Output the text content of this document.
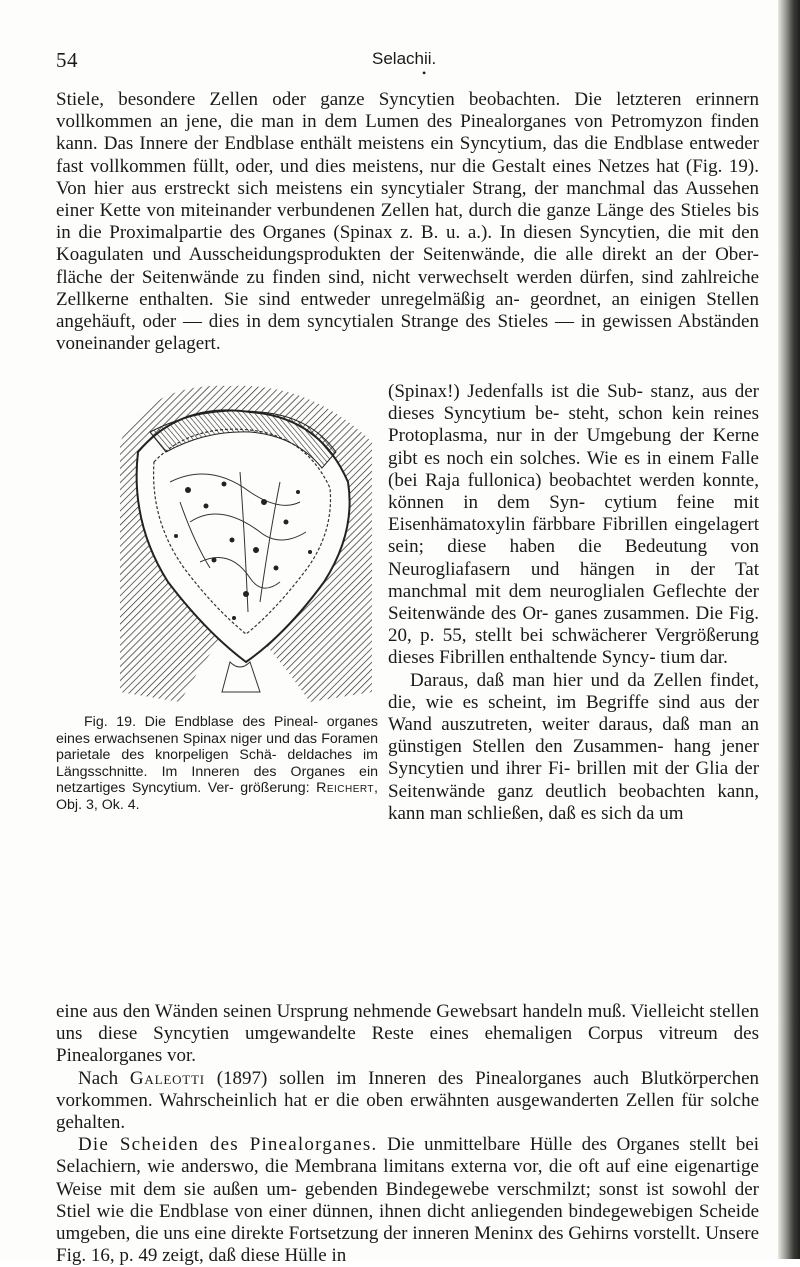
54	Selachii.
•

Stiele, besondere Zellen oder ganze Syncytien beobachten. Die letzteren erinnern vollkommen an jene, die man in dem Lumen des Pinealorganes von Petromyzon finden kann. Das Innere der Endblase enthält meistens ein Syncytium, das die Endblase entweder fast vollkommen füllt, oder, und dies meistens, nur die Gestalt eines Netzes hat (Fig. 19). Von hier aus erstreckt sich meistens ein syncytialer Strang, der manchmal das Aussehen einer Kette von miteinander verbundenen Zellen hat, durch die ganze Länge des Stieles bis in die Proximalpartie des Organes (Spinax z. B. u. a.). In diesen Syncytien, die mit den Koagulaten und Ausscheidungsprodukten der Seitenwände, die alle direkt an der Ober- fläche der Seitenwände zu finden sind, nicht verwechselt werden dürfen, sind zahlreiche Zellkerne enthalten. Sie sind entweder unregelmäßig an- geordnet, an einigen Stellen angehäuft, oder — dies in dem syncytialen Strange des Stieles — in gewissen Abständen voneinander gelagert.

Fig. 19. Die Endblase des Pineal- organes eines erwachsenen Spinax niger und das Foramen parietale des knorpeligen Schä- deldaches im Längsschnitte. Im Inneren des Organes ein netzartiges Syncytium. Ver- größerung: Reichert, Obj. 3, Ok. 4.

(Spinax!) Jedenfalls ist die Sub- stanz, aus der dieses Syncytium be- steht, schon kein reines Protoplasma, nur in der Umgebung der Kerne gibt es noch ein solches. Wie es in einem Falle (bei Raja fullonica) beobachtet werden konnte, können in dem Syn- cytium feine mit Eisenhämatoxylin färbbare Fibrillen eingelagert sein; diese haben die Bedeutung von Neurogliafasern und hängen in der Tat manchmal mit dem neuroglialen Geflechte der Seitenwände des Or- ganes zusammen. Die Fig. 20, p. 55, stellt bei schwächerer Vergrößerung dieses Fibrillen enthaltende Syncy- tium dar.

Daraus, daß man hier und da Zellen findet, die, wie es scheint, im Begriffe sind aus der Wand auszutreten, weiter daraus, daß man an günstigen Stellen den Zusammen- hang jener Syncytien und ihrer Fi- brillen mit der Glia der Seitenwände ganz deutlich beobachten kann, kann man schließen, daß es sich da um

eine aus den Wänden seinen Ursprung nehmende Gewebsart handeln muß. Vielleicht stellen uns diese Syncytien umgewandelte Reste eines ehemaligen Corpus vitreum des Pinealorganes vor.

Nach Galeotti (1897) sollen im Inneren des Pinealorganes auch Blutkörperchen vorkommen. Wahrscheinlich hat er die oben erwähnten ausgewanderten Zellen für solche gehalten.

Die Scheiden des Pinealorganes. Die unmittelbare Hülle des Organes stellt bei Selachiern, wie anderswo, die Membrana limitans externa vor, die oft auf eine eigenartige Weise mit dem sie außen um- gebenden Bindegewebe verschmilzt; sonst ist sowohl der Stiel wie die Endblase von einer dünnen, ihnen dicht anliegenden bindegewebigen Scheide umgeben, die uns eine direkte Fortsetzung der inneren Meninx des Gehirns vorstellt. Unsere Fig. 16, p. 49 zeigt, daß diese Hülle in
